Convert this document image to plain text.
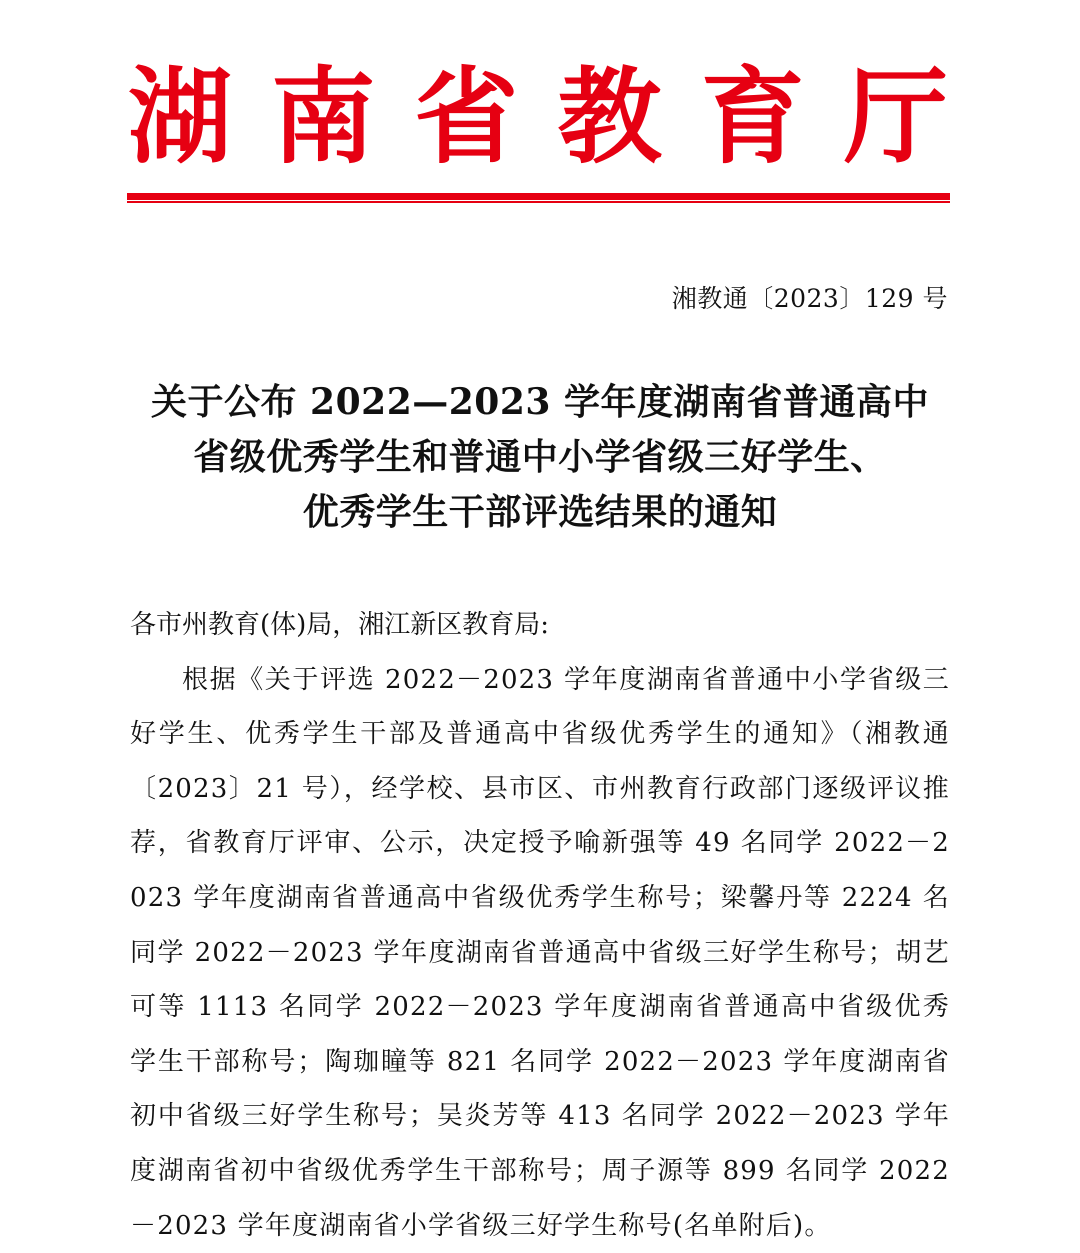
湖 南 省 教 育 厅
湘教通〔2023〕129 号
关于公布 2022—2023 学年度湖南省普通高中
省级优秀学生和普通中小学省级三好学生、
优秀学生干部评选结果的通知
各市州教育(体)局，湘江新区教育局:
根据《关于评选 2022－2023 学年度湖南省普通中小学省级三好学生、优秀学生干部及普通高中省级优秀学生的通知》（湘教通〔2023〕21 号），经学校、县市区、市州教育行政部门逐级评议推荐，省教育厅评审、公示，决定授予喻新强等 49 名同学 2022－2023 学年度湖南省普通高中省级优秀学生称号；梁馨丹等 2224 名同学 2022－2023 学年度湖南省普通高中省级三好学生称号；胡艺可等 1113 名同学 2022－2023 学年度湖南省普通高中省级优秀学生干部称号；陶珈瞳等 821 名同学 2022－2023 学年度湖南省初中省级三好学生称号；吴炎芳等 413 名同学 2022－2023 学年度湖南省初中省级优秀学生干部称号；周子源等 899 名同学 2022－2023 学年度湖南省小学省级三好学生称号(名单附后)。
